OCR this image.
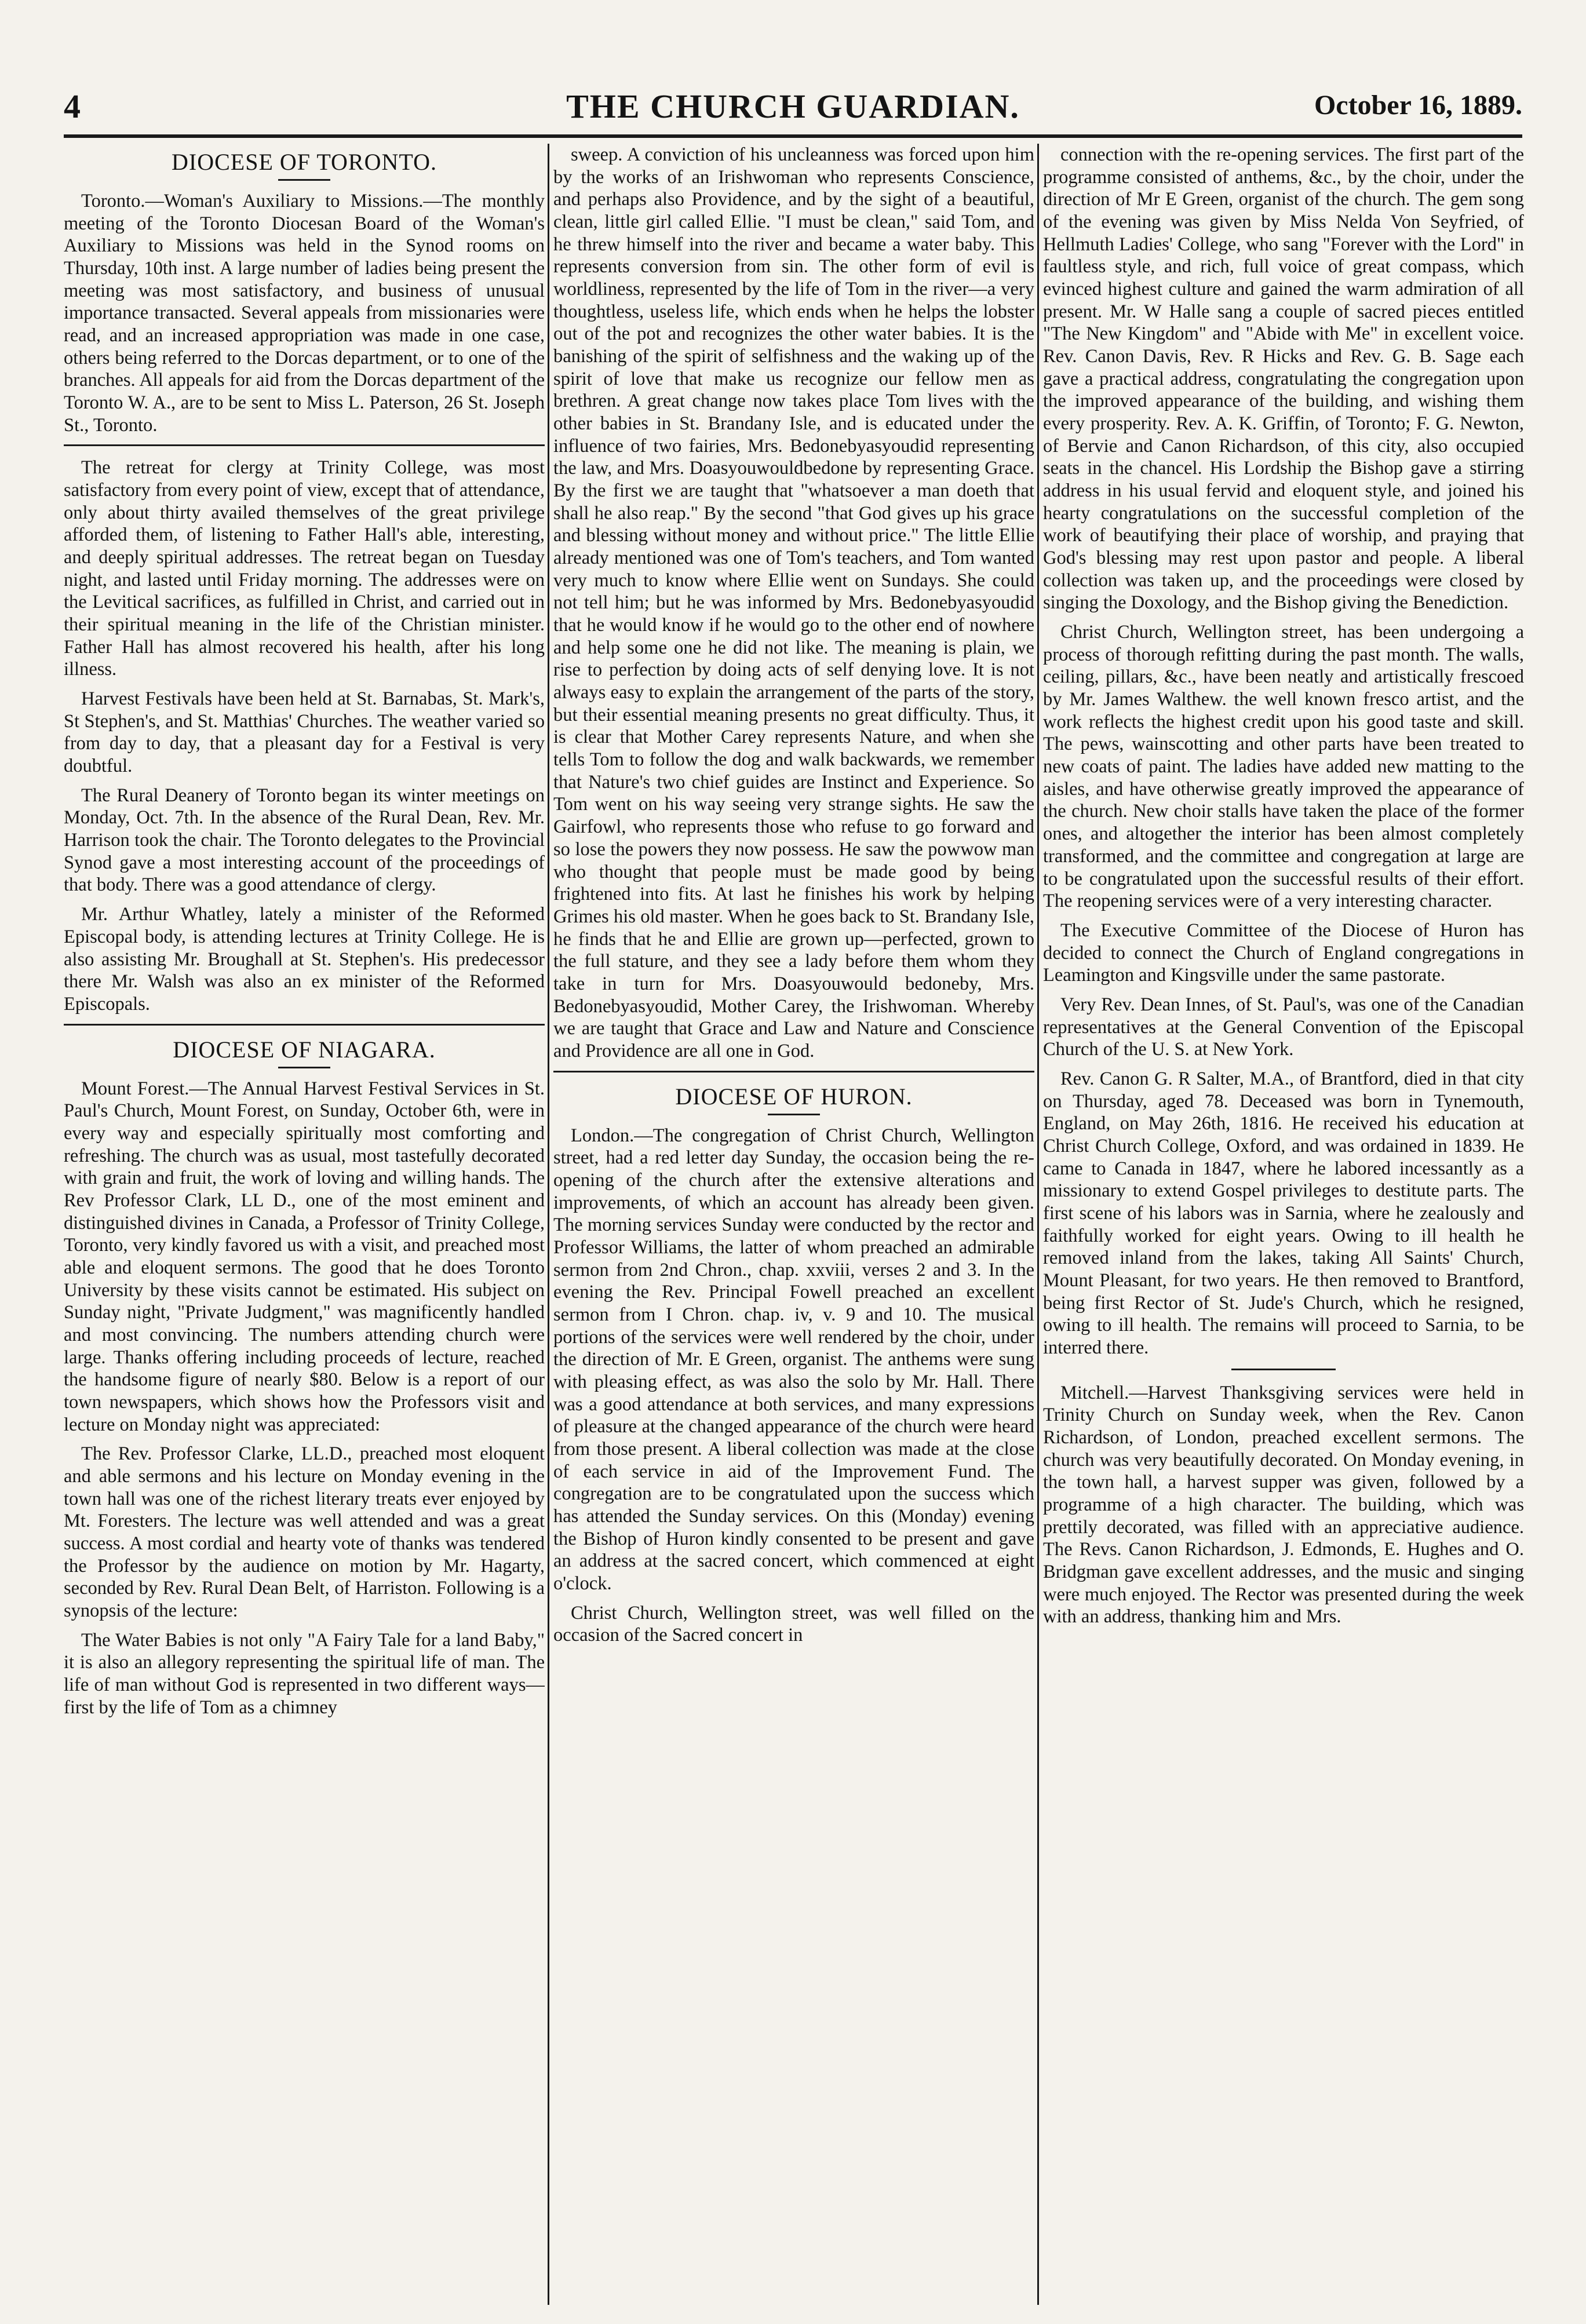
4	THE CHURCH GUARDIAN.	October 16, 1889.
DIOCESE OF TORONTO.

Toronto.—Woman's Auxiliary to Missions.—The monthly meeting of the Toronto Diocesan Board of the Woman's Auxiliary to Missions was held in the Synod rooms on Thursday, 10th inst. A large number of ladies being present the meeting was most satisfactory, and business of unusual importance transacted. Several appeals from missionaries were read, and an increased appropriation was made in one case, others being referred to the Dorcas department, or to one of the branches. All appeals for aid from the Dorcas department of the Toronto W. A., are to be sent to Miss L. Paterson, 26 St. Joseph St., Toronto.

The retreat for clergy at Trinity College, was most satisfactory from every point of view, except that of attendance, only about thirty availed themselves of the great privilege afforded them, of listening to Father Hall's able, interesting, and deeply spiritual addresses. The retreat began on Tuesday night, and lasted until Friday morning. The addresses were on the Levitical sacrifices, as fulfilled in Christ, and carried out in their spiritual meaning in the life of the Christian minister. Father Hall has almost recovered his health, after his long illness.

Harvest Festivals have been held at St. Barnabas, St. Mark's, St Stephen's, and St. Matthias' Churches. The weather varied so from day to day, that a pleasant day for a Festival is very doubtful.

The Rural Deanery of Toronto began its winter meetings on Monday, Oct. 7th. In the absence of the Rural Dean, Rev. Mr. Harrison took the chair. The Toronto delegates to the Provincial Synod gave a most interesting account of the proceedings of that body. There was a good attendance of clergy.

Mr. Arthur Whatley, lately a minister of the Reformed Episcopal body, is attending lectures at Trinity College. He is also assisting Mr. Broughall at St. Stephen's. His predecessor there Mr. Walsh was also an ex minister of the Reformed Episcopals.

DIOCESE OF NIAGARA.

Mount Forest.—The Annual Harvest Festival Services in St. Paul's Church, Mount Forest, on Sunday, October 6th, were in every way and especially spiritually most comforting and refreshing. The church was as usual, most tastefully decorated with grain and fruit, the work of loving and willing hands. The Rev Professor Clark, LL D., one of the most eminent and distinguished divines in Canada, a Professor of Trinity College, Toronto, very kindly favored us with a visit, and preached most able and eloquent sermons. The good that he does Toronto University by these visits cannot be estimated. His subject on Sunday night, "Private Judgment," was magnificently handled and most convincing. The numbers attending church were large. Thanks offering including proceeds of lecture, reached the handsome figure of nearly $80. Below is a report of our town newspapers, which shows how the Professors visit and lecture on Monday night was appreciated:

The Rev. Professor Clarke, LL.D., preached most eloquent and able sermons and his lecture on Monday evening in the town hall was one of the richest literary treats ever enjoyed by Mt. Foresters. The lecture was well attended and was a great success. A most cordial and hearty vote of thanks was tendered the Professor by the audience on motion by Mr. Hagarty, seconded by Rev. Rural Dean Belt, of Harriston. Following is a synopsis of the lecture:

The Water Babies is not only "A Fairy Tale for a land Baby," it is also an allegory representing the spiritual life of man. The life of man without God is represented in two different ways—first by the life of Tom as a chimney

sweep. A conviction of his uncleanness was forced upon him by the works of an Irishwoman who represents Conscience, and perhaps also Providence, and by the sight of a beautiful, clean, little girl called Ellie. "I must be clean," said Tom, and he threw himself into the river and became a water baby. This represents conversion from sin. The other form of evil is worldliness, represented by the life of Tom in the river—a very thoughtless, useless life, which ends when he helps the lobster out of the pot and recognizes the other water babies. It is the banishing of the spirit of selfishness and the waking up of the spirit of love that make us recognize our fellow men as brethren. A great change now takes place Tom lives with the other babies in St. Brandany Isle, and is educated under the influence of two fairies, Mrs. Bedonebyasyoudid representing the law, and Mrs. Doasyouwouldbedone by representing Grace. By the first we are taught that "whatsoever a man doeth that shall he also reap." By the second "that God gives up his grace and blessing without money and without price." The little Ellie already mentioned was one of Tom's teachers, and Tom wanted very much to know where Ellie went on Sundays. She could not tell him; but he was informed by Mrs. Bedonebyasyoudid that he would know if he would go to the other end of nowhere and help some one he did not like. The meaning is plain, we rise to perfection by doing acts of self denying love. It is not always easy to explain the arrangement of the parts of the story, but their essential meaning presents no great difficulty. Thus, it is clear that Mother Carey represents Nature, and when she tells Tom to follow the dog and walk backwards, we remember that Nature's two chief guides are Instinct and Experience. So Tom went on his way seeing very strange sights. He saw the Gairfowl, who represents those who refuse to go forward and so lose the powers they now possess. He saw the powwow man who thought that people must be made good by being frightened into fits. At last he finishes his work by helping Grimes his old master. When he goes back to St. Brandany Isle, he finds that he and Ellie are grown up—perfected, grown to the full stature, and they see a lady before them whom they take in turn for Mrs. Doasyouwould bedoneby, Mrs. Bedonebyasyoudid, Mother Carey, the Irishwoman. Whereby we are taught that Grace and Law and Nature and Conscience and Providence are all one in God.

DIOCESE OF HURON.

London.—The congregation of Christ Church, Wellington street, had a red letter day Sunday, the occasion being the re-opening of the church after the extensive alterations and improvements, of which an account has already been given. The morning services Sunday were conducted by the rector and Professor Williams, the latter of whom preached an admirable sermon from 2nd Chron., chap. xxviii, verses 2 and 3. In the evening the Rev. Principal Fowell preached an excellent sermon from I Chron. chap. iv, v. 9 and 10. The musical portions of the services were well rendered by the choir, under the direction of Mr. E Green, organist. The anthems were sung with pleasing effect, as was also the solo by Mr. Hall. There was a good attendance at both services, and many expressions of pleasure at the changed appearance of the church were heard from those present. A liberal collection was made at the close of each service in aid of the Improvement Fund. The congregation are to be congratulated upon the success which has attended the Sunday services. On this (Monday) evening the Bishop of Huron kindly consented to be present and gave an address at the sacred concert, which commenced at eight o'clock.

Christ Church, Wellington street, was well filled on the occasion of the Sacred concert in

connection with the re-opening services. The first part of the programme consisted of anthems, &c., by the choir, under the direction of Mr E Green, organist of the church. The gem song of the evening was given by Miss Nelda Von Seyfried, of Hellmuth Ladies' College, who sang "Forever with the Lord" in faultless style, and rich, full voice of great compass, which evinced highest culture and gained the warm admiration of all present. Mr. W Halle sang a couple of sacred pieces entitled "The New Kingdom" and "Abide with Me" in excellent voice. Rev. Canon Davis, Rev. R Hicks and Rev. G. B. Sage each gave a practical address, congratulating the congregation upon the improved appearance of the building, and wishing them every prosperity. Rev. A. K. Griffin, of Toronto; F. G. Newton, of Bervie and Canon Richardson, of this city, also occupied seats in the chancel. His Lordship the Bishop gave a stirring address in his usual fervid and eloquent style, and joined his hearty congratulations on the successful completion of the work of beautifying their place of worship, and praying that God's blessing may rest upon pastor and people. A liberal collection was taken up, and the proceedings were closed by singing the Doxology, and the Bishop giving the Benediction.

Christ Church, Wellington street, has been undergoing a process of thorough refitting during the past month. The walls, ceiling, pillars, &c., have been neatly and artistically frescoed by Mr. James Walthew. the well known fresco artist, and the work reflects the highest credit upon his good taste and skill. The pews, wainscotting and other parts have been treated to new coats of paint. The ladies have added new matting to the aisles, and have otherwise greatly improved the appearance of the church. New choir stalls have taken the place of the former ones, and altogether the interior has been almost completely transformed, and the committee and congregation at large are to be congratulated upon the successful results of their effort. The reopening services were of a very interesting character.

The Executive Committee of the Diocese of Huron has decided to connect the Church of England congregations in Leamington and Kingsville under the same pastorate.

Very Rev. Dean Innes, of St. Paul's, was one of the Canadian representatives at the General Convention of the Episcopal Church of the U. S. at New York.

Rev. Canon G. R Salter, M.A., of Brantford, died in that city on Thursday, aged 78. Deceased was born in Tynemouth, England, on May 26th, 1816. He received his education at Christ Church College, Oxford, and was ordained in 1839. He came to Canada in 1847, where he labored incessantly as a missionary to extend Gospel privileges to destitute parts. The first scene of his labors was in Sarnia, where he zealously and faithfully worked for eight years. Owing to ill health he removed inland from the lakes, taking All Saints' Church, Mount Pleasant, for two years. He then removed to Brantford, being first Rector of St. Jude's Church, which he resigned, owing to ill health. The remains will proceed to Sarnia, to be interred there.

Mitchell.—Harvest Thanksgiving services were held in Trinity Church on Sunday week, when the Rev. Canon Richardson, of London, preached excellent sermons. The church was very beautifully decorated. On Monday evening, in the town hall, a harvest supper was given, followed by a programme of a high character. The building, which was prettily decorated, was filled with an appreciative audience. The Revs. Canon Richardson, J. Edmonds, E. Hughes and O. Bridgman gave excellent addresses, and the music and singing were much enjoyed. The Rector was presented during the week with an address, thanking him and Mrs.
